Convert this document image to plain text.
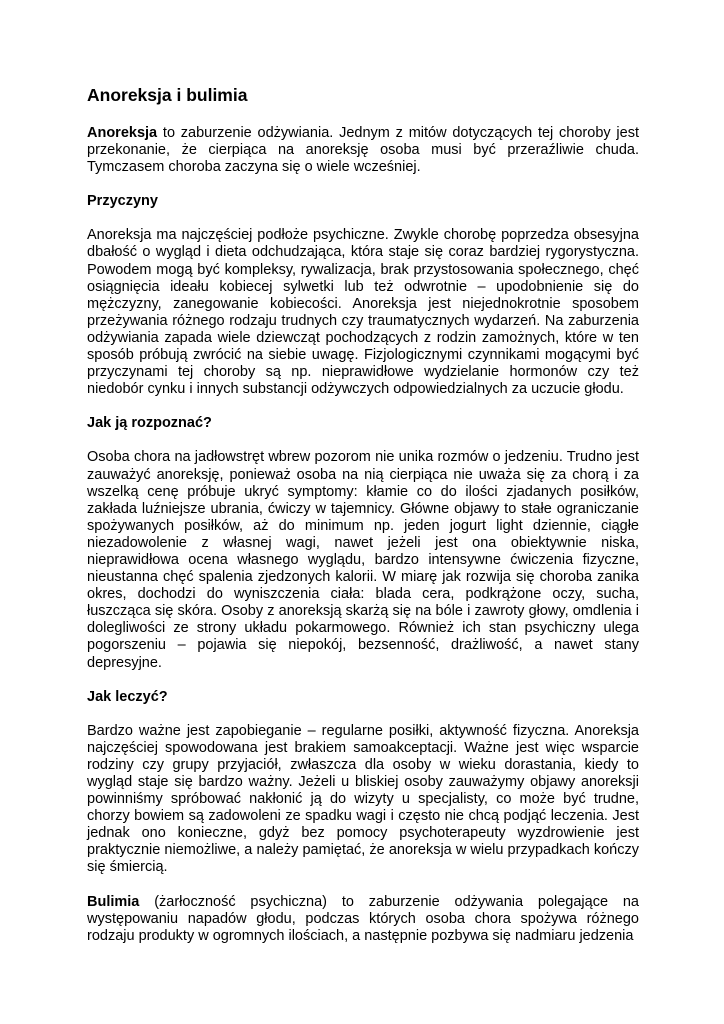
Anoreksja i bulimia

Anoreksja to zaburzenie odżywiania. Jednym z mitów dotyczących tej choroby jest przekonanie, że cierpiąca na anoreksję osoba musi być przeraźliwie chuda. Tymczasem choroba zaczyna się o wiele wcześniej.

Przyczyny

Anoreksja ma najczęściej podłoże psychiczne. Zwykle chorobę poprzedza obsesyjna dbałość o wygląd i dieta odchudzająca, która staje się coraz bardziej rygorystyczna. Powodem mogą być kompleksy, rywalizacja, brak przystosowania społecznego, chęć osiągnięcia ideału kobiecej sylwetki lub też odwrotnie – upodobnienie się do mężczyzny, zanegowanie kobiecości. Anoreksja jest niejednokrotnie sposobem przeżywania różnego rodzaju trudnych czy traumatycznych wydarzeń. Na zaburzenia odżywiania zapada wiele dziewcząt pochodzących z rodzin zamożnych, które w ten sposób próbują zwrócić na siebie uwagę. Fizjologicznymi czynnikami mogącymi być przyczynami tej choroby są np. nieprawidłowe wydzielanie hormonów czy też niedobór cynku i innych substancji odżywczych odpowiedzialnych za uczucie głodu.

Jak ją rozpoznać?

Osoba chora na jadłowstręt wbrew pozorom nie unika rozmów o jedzeniu. Trudno jest zauważyć anoreksję, ponieważ osoba na nią cierpiąca nie uważa się za chorą i za wszelką cenę próbuje ukryć symptomy: kłamie co do ilości zjadanych posiłków, zakłada luźniejsze ubrania, ćwiczy w tajemnicy. Główne objawy to stałe ograniczanie spożywanych posiłków, aż do minimum np. jeden jogurt light dziennie, ciągłe niezadowolenie z własnej wagi, nawet jeżeli jest ona obiektywnie niska, nieprawidłowa ocena własnego wyglądu, bardzo intensywne ćwiczenia fizyczne, nieustanna chęć spalenia zjedzonych kalorii. W miarę jak rozwija się choroba zanika okres, dochodzi do wyniszczenia ciała: blada cera, podkrążone oczy, sucha, łuszcząca się skóra. Osoby z anoreksją skarżą się na bóle i zawroty głowy, omdlenia i dolegliwości ze strony układu pokarmowego. Również ich stan psychiczny ulega pogorszeniu – pojawia się niepokój, bezsenność, drażliwość, a nawet stany depresyjne.

Jak leczyć?

Bardzo ważne jest zapobieganie – regularne posiłki, aktywność fizyczna. Anoreksja najczęściej spowodowana jest brakiem samoakceptacji. Ważne jest więc wsparcie rodziny czy grupy przyjaciół, zwłaszcza dla osoby w wieku dorastania, kiedy to wygląd staje się bardzo ważny. Jeżeli u bliskiej osoby zauważymy objawy anoreksji powinniśmy spróbować nakłonić ją do wizyty u specjalisty, co może być trudne, chorzy bowiem są zadowoleni ze spadku wagi i często nie chcą podjąć leczenia. Jest jednak ono konieczne, gdyż bez pomocy psychoterapeuty wyzdrowienie jest praktycznie niemożliwe, a należy pamiętać, że anoreksja w wielu przypadkach kończy się śmiercią.

Bulimia (żarłoczność psychiczna) to zaburzenie odżywania polegające na występowaniu napadów głodu, podczas których osoba chora spożywa różnego rodzaju produkty w ogromnych ilościach, a następnie pozbywa się nadmiaru jedzenia
